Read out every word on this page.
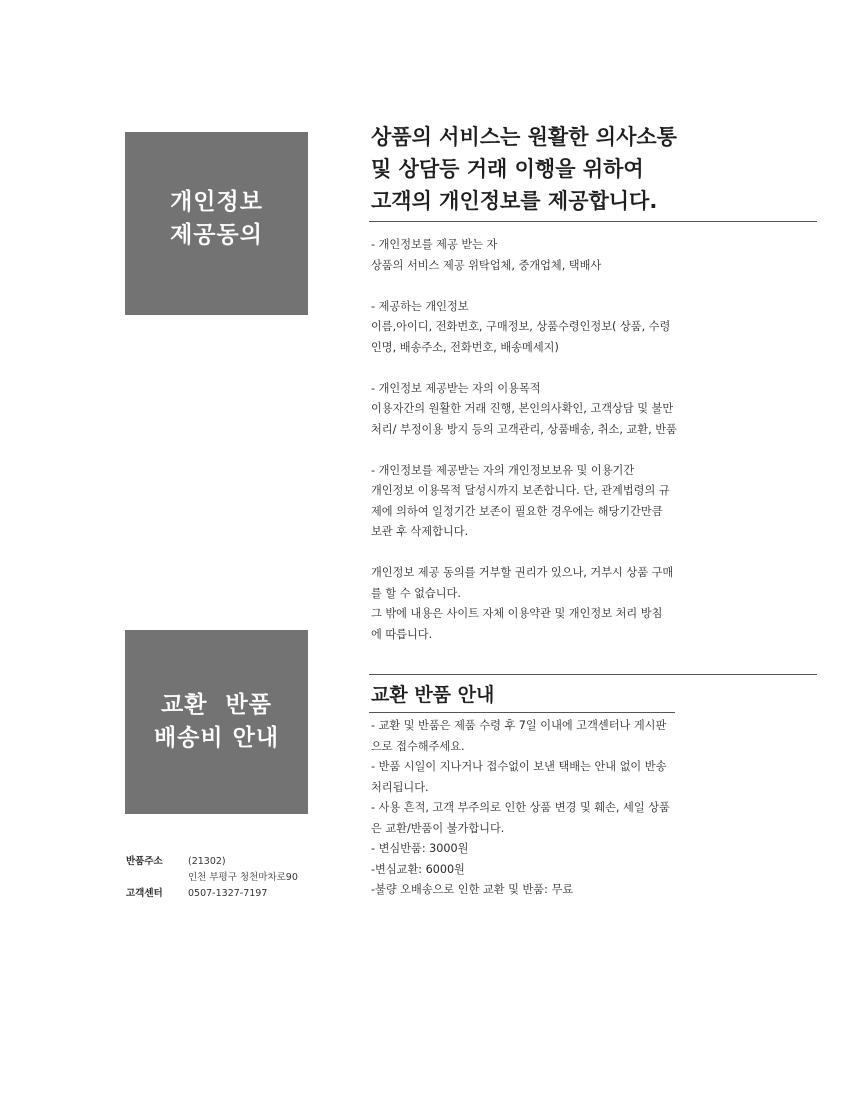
개인정보
제공동의
상품의 서비스는 원활한 의사소통
및 상담등 거래 이행을 위하여
고객의 개인정보를 제공합니다.
- 개인정보를 제공 받는 자
상품의 서비스 제공 위탁업체, 중개업체, 택배사
- 제공하는 개인정보
이름,아이디, 전화번호, 구매정보, 상품수령인정보( 상품, 수령
인명, 배송주소, 전화번호, 배송메세지)
- 개인정보 제공받는 자의 이용목적
이용자간의 원활한 거래 진행, 본인의사확인, 고객상담 및 불만
처리/ 부정이용 방지 등의 고객관리, 상품배송, 취소, 교환, 반품
- 개인정보를 제공받는 자의 개인정보보유 및 이용기간
개인정보 이용목적 달성시까지 보존합니다. 단, 관계법령의 규
제에 의하여 일정기간 보존이 필요한 경우에는 해당기간만큼
보관 후 삭제합니다.
개인정보 제공 동의를 거부할 권리가 있으나, 거부시 상품 구매
를 할 수 없습니다.
그 밖에 내용은 사이트 자체 이용약관 및 개인정보 처리 방침
에 따릅니다.
교환  반품
배송비 안내
교환 반품 안내
- 교환 및 반품은 제품 수령 후 7일 이내에 고객센터나 게시판
으로 접수해주세요.
- 반품 시일이 지나거나 접수없이 보낸 택배는 안내 없이 반송
처리됩니다.
- 사용 흔적, 고객 부주의로 인한 상품 변경 및 훼손, 세일 상품
은 교환/반품이 불가합니다.
- 변심반품: 3000원
-변심교환: 6000원
-불량 오배송으로 인한 교환 및 반품: 무료
반품주소	(21302)
인천 부평구 청천마차로90
고객센터	0507-1327-7197
